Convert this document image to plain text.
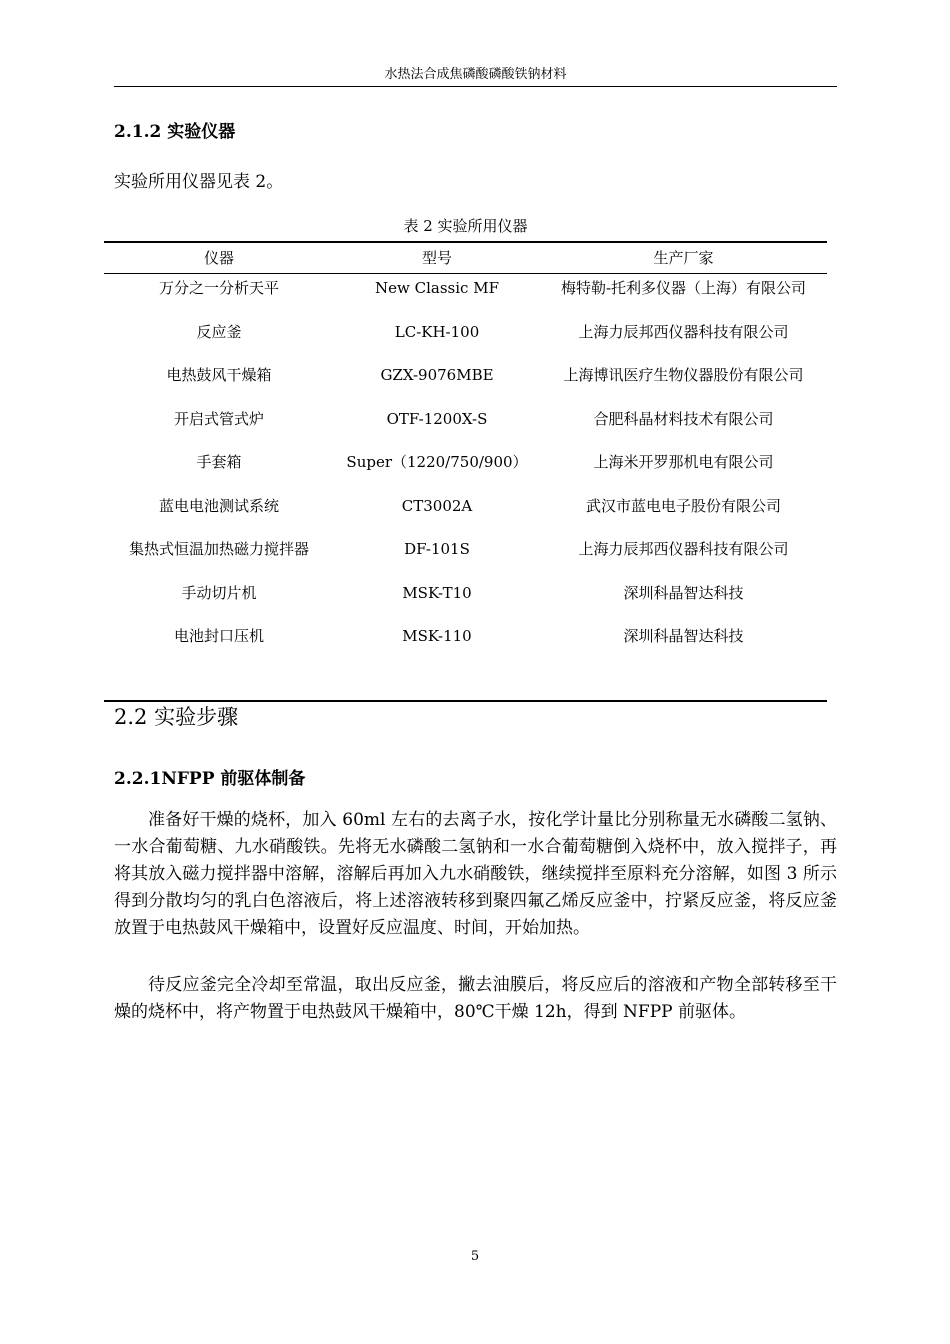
水热法合成焦磷酸磷酸铁钠材料
2.1.2 实验仪器
实验所用仪器见表 2。
表 2 实验所用仪器
仪器	型号	生产厂家
万分之一分析天平	New Classic MF	梅特勒-托利多仪器（上海）有限公司
反应釜	LC-KH-100	上海力辰邦西仪器科技有限公司
电热鼓风干燥箱	GZX-9076MBE	上海博讯医疗生物仪器股份有限公司
开启式管式炉	OTF-1200X-S	合肥科晶材料技术有限公司
手套箱	Super（1220/750/900）	上海米开罗那机电有限公司
蓝电电池测试系统	CT3002A	武汉市蓝电电子股份有限公司
集热式恒温加热磁力搅拌器	DF-101S	上海力辰邦西仪器科技有限公司
手动切片机	MSK-T10	深圳科晶智达科技
电池封口压机	MSK-110	深圳科晶智达科技
2.2 实验步骤
2.2.1NFPP 前驱体制备

准备好干燥的烧杯，加入 60ml 左右的去离子水，按化学计量比分别称量无水磷酸二氢钠、一水合葡萄糖、九水硝酸铁。先将无水磷酸二氢钠和一水合葡萄糖倒入烧杯中，放入搅拌子，再将其放入磁力搅拌器中溶解，溶解后再加入九水硝酸铁，继续搅拌至原料充分溶解，如图 3 所示得到分散均匀的乳白色溶液后，将上述溶液转移到聚四氟乙烯反应釜中，拧紧反应釜，将反应釜放置于电热鼓风干燥箱中，设置好反应温度、时间，开始加热。

待反应釜完全冷却至常温，取出反应釜，撇去油膜后，将反应后的溶液和产物全部转移至干燥的烧杯中，将产物置于电热鼓风干燥箱中，80℃干燥 12h，得到 NFPP 前驱体。

5
